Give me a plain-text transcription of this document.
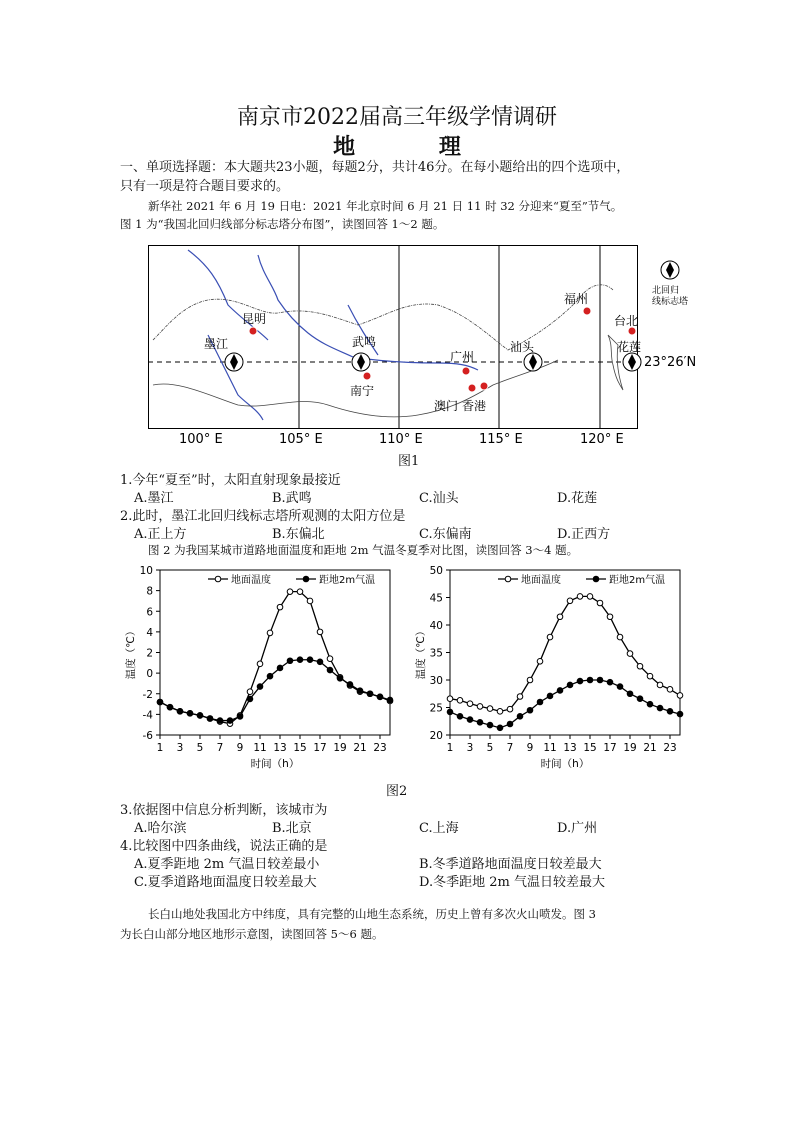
南京市2022届高三年级学情调研
地 理
一、单项选择题：本大题共23小题，每题2分，共计46分。在每小题给出的四个选项中，
只有一项是符合题目要求的。
新华社 2021 年 6 月 19 日电：2021 年北京时间 6 月 21 日 11 时 32 分迎来“夏至”节气。
图 1 为“我国北回归线部分标志塔分布图”，读图回答 1～2 题。
昆明
武鸣
南宁
广州
汕头
福州
台北
花莲
墨江
澳门 香港
北回归
线标志塔
23°26′N
100° E	105° E	110° E	115° E	120° E
图1
1.今年“夏至”时，太阳直射现象最接近
A.墨江	B.武鸣	C.汕头	D.花莲
2.此时，墨江北回归线标志塔所观测的太阳方位是
A.正上方	B.东偏北	C.东偏南	D.正西方
图 2 为我国某城市道路地面温度和距地 2m 气温冬夏季对比图，读图回答 3～4 题。
-6
-4
-2
0
2
4
6
8
10
1 3 5 7 9 11 13 15 17 19 21 23
时间（h）
温度（℃）
地面温度	距地2m气温
20
25
30
35
40
45
50
1 3 5 7 9 11 13 15 17 19 21 23
时间（h）
温度（℃）
地面温度	距地2m气温
图2
3.依据图中信息分析判断，该城市为
A.哈尔滨	B.北京	C.上海	D.广州
4.比较图中四条曲线，说法正确的是
A.夏季距地 2m 气温日较差最小	B.冬季道路地面温度日较差最大
C.夏季道路地面温度日较差最大	D.冬季距地 2m 气温日较差最大
长白山地处我国北方中纬度，具有完整的山地生态系统，历史上曾有多次火山喷发。图 3
为长白山部分地区地形示意图，读图回答 5～6 题。
